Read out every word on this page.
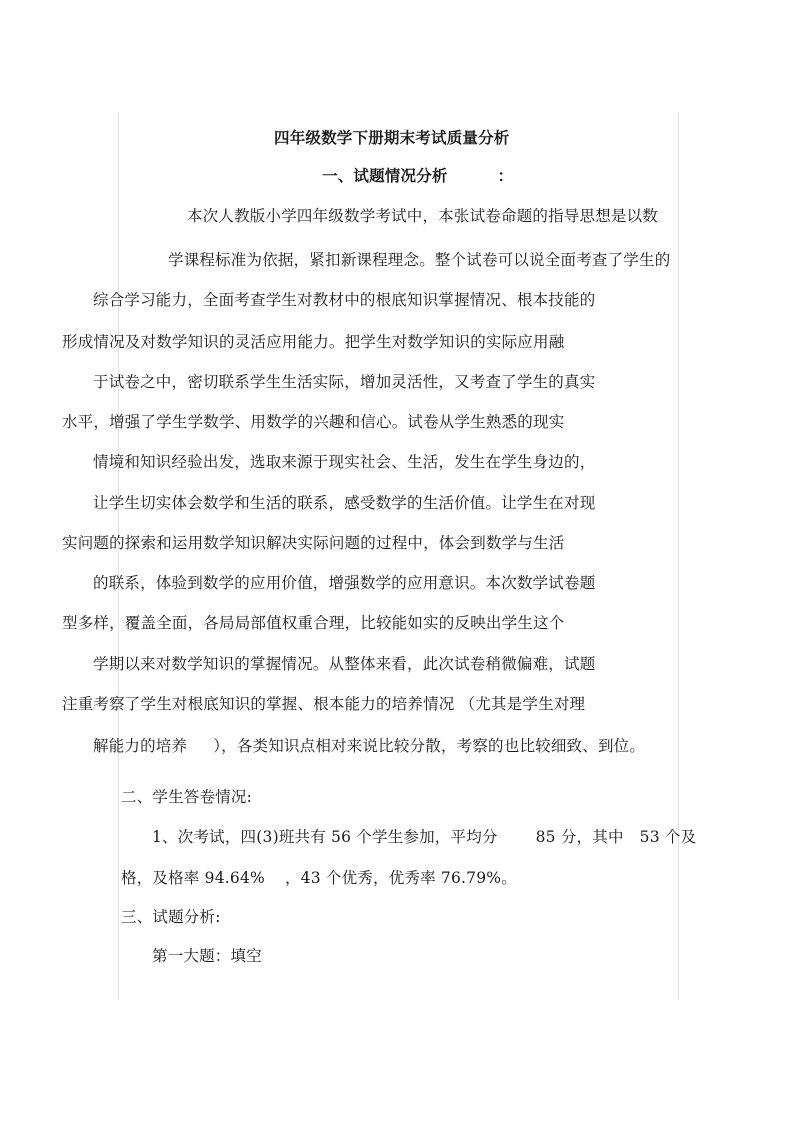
四年级数学下册期末考试质量分析
一、试题情况分析	：
本次人教版小学四年级数学考试中，本张试卷命题的指导思想是以数
学课程标准为依据，紧扣新课程理念。整个试卷可以说全面考查了学生的
综合学习能力，全面考查学生对教材中的根底知识掌握情况、根本技能的
形成情况及对数学知识的灵活应用能力。把学生对数学知识的实际应用融
于试卷之中，密切联系学生生活实际，增加灵活性，又考查了学生的真实
水平，增强了学生学数学、用数学的兴趣和信心。试卷从学生熟悉的现实
情境和知识经验出发，选取来源于现实社会、生活，发生在学生身边的，
让学生切实体会数学和生活的联系，感受数学的生活价值。让学生在对现
实问题的探索和运用数学知识解决实际问题的过程中，体会到数学与生活
的联系，体验到数学的应用价值，增强数学的应用意识。本次数学试卷题
型多样，覆盖全面，各局局部值权重合理，比较能如实的反映出学生这个
学期以来对数学知识的掌握情况。从整体来看，此次试卷稍微偏难，试题
注重考察了学生对根底知识的掌握、根本能力的培养情况 （尤其是学生对理
解能力的培养 ），各类知识点相对来说比较分散，考察的也比较细致、到位。
二、学生答卷情况:
1、次考试，四(3)班共有 56 个学生参加，平均分 85 分，其中 53 个及
格，及格率 94.64% ，43 个优秀，优秀率 76.79%。
三、试题分析:
第一大题：填空
